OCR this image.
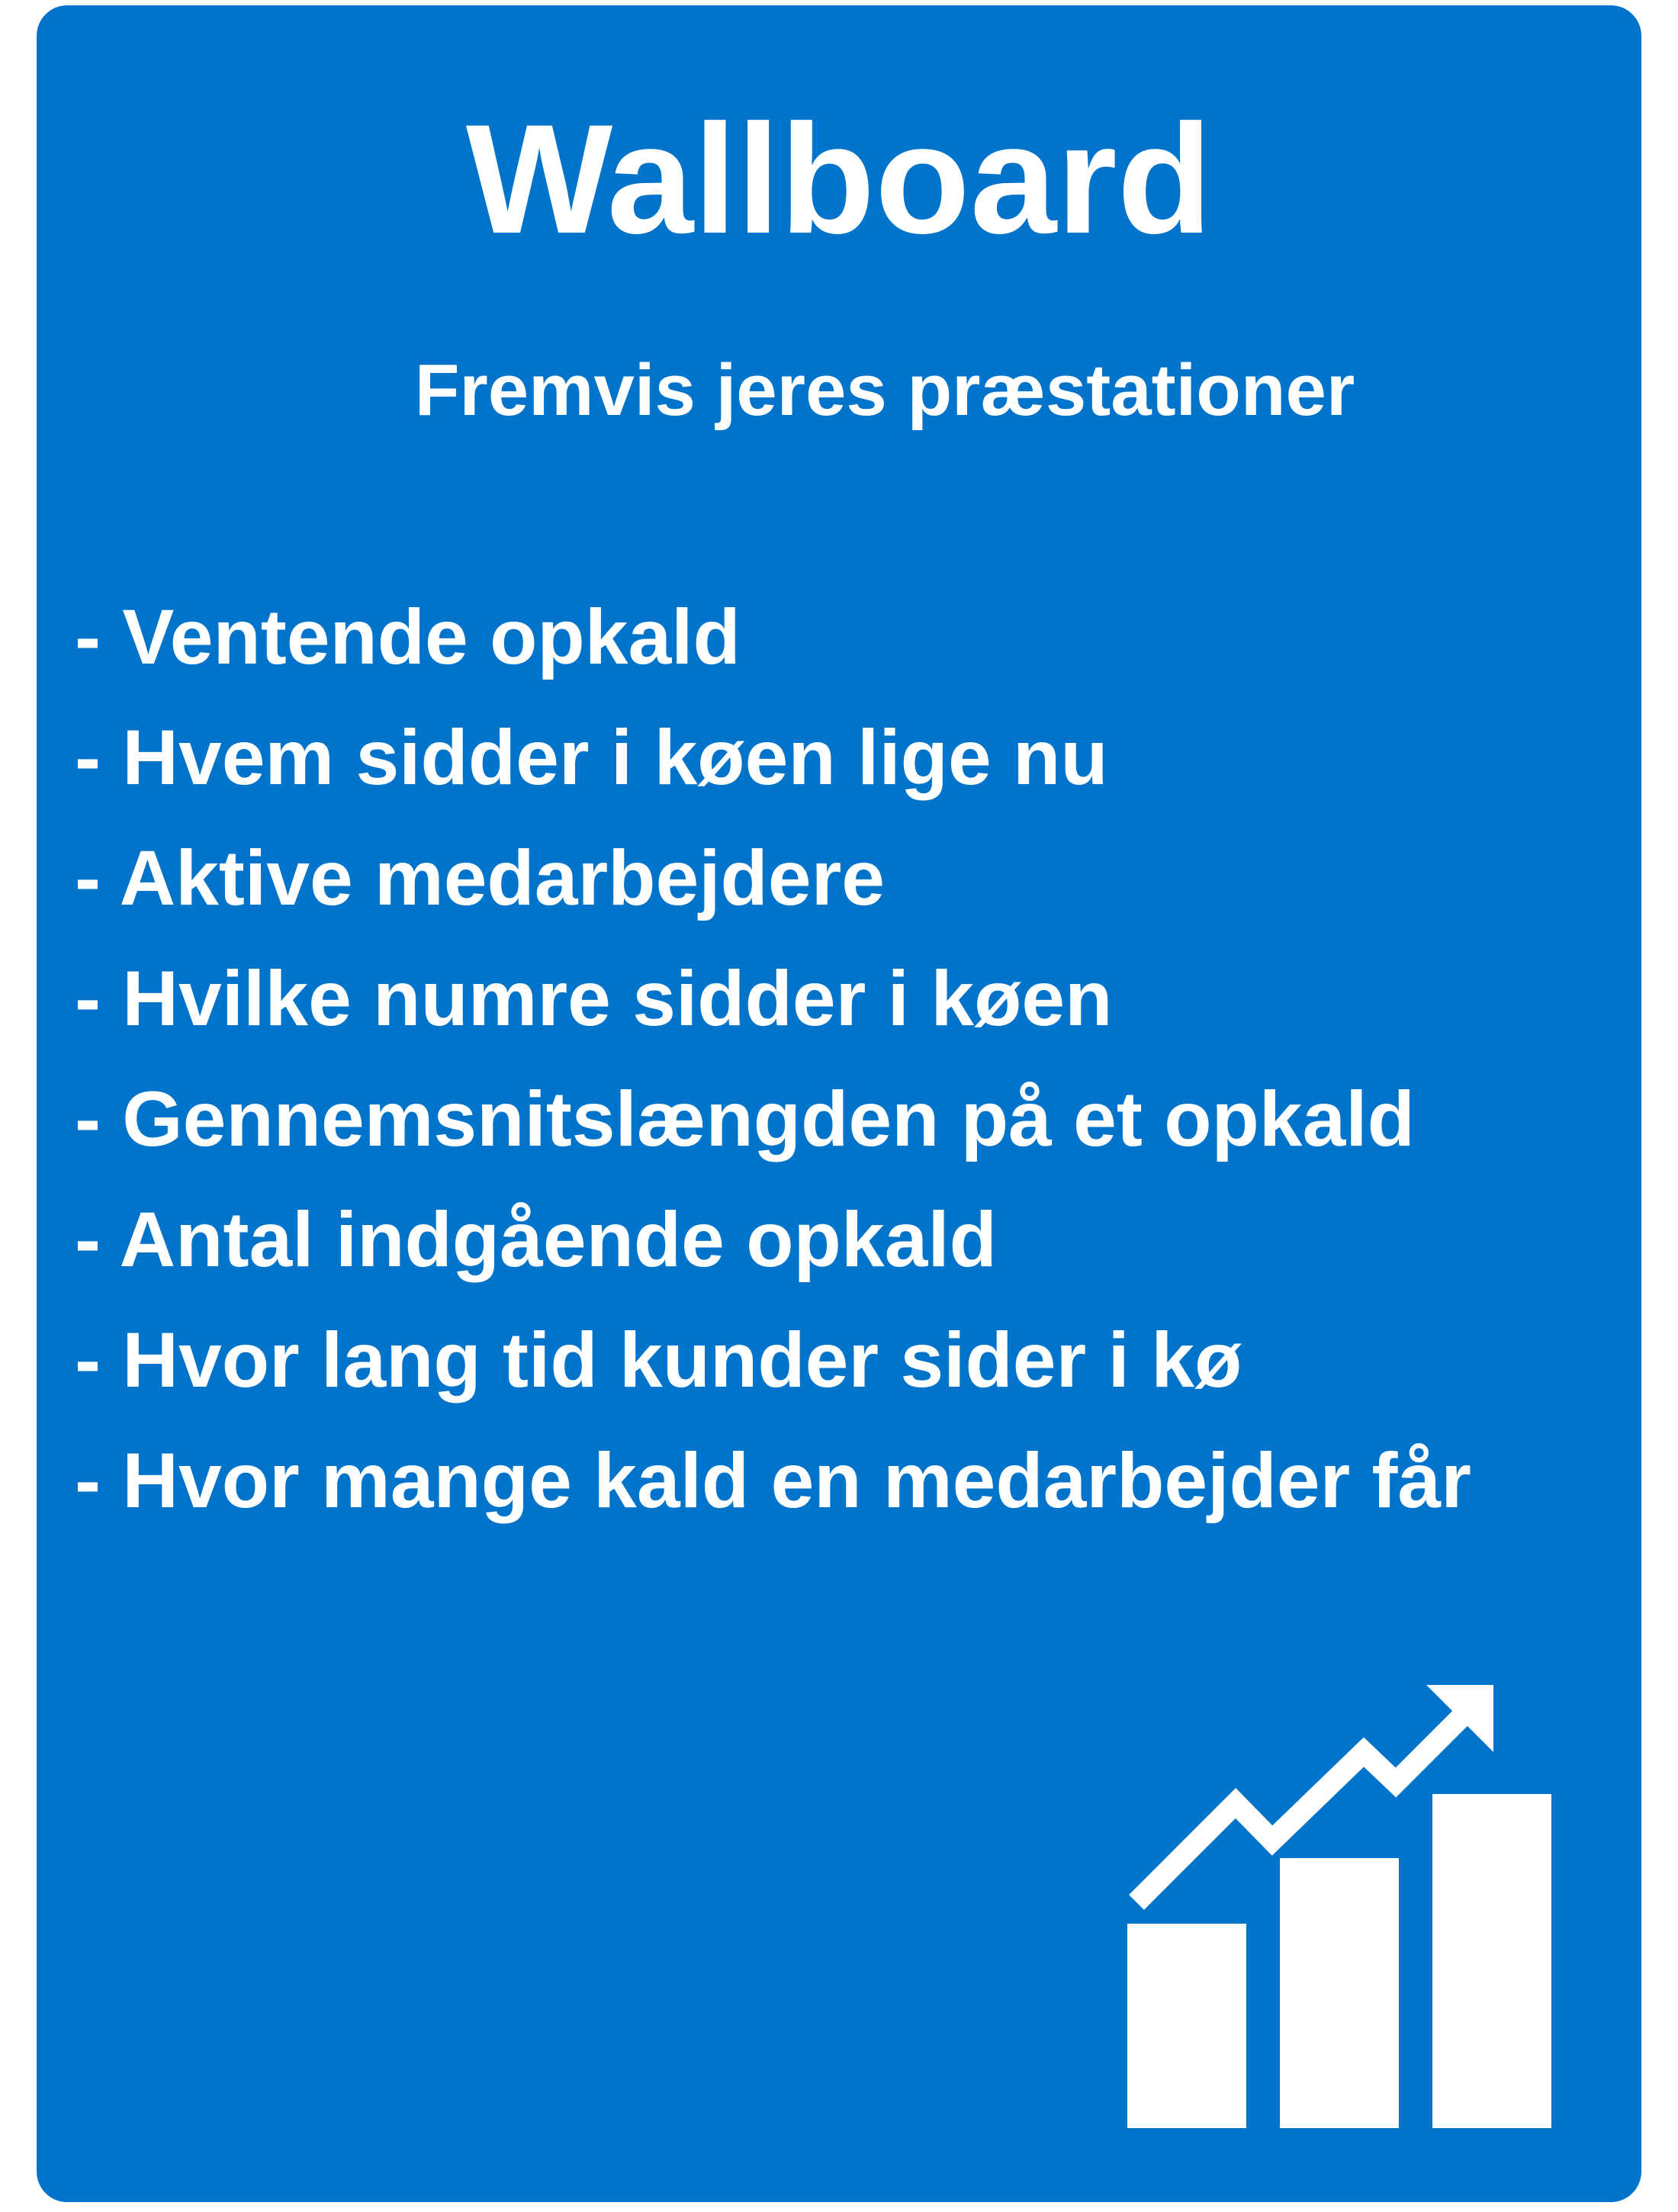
Wallboard
Fremvis jeres præstationer
- Ventende opkald
- Hvem sidder i køen lige nu
- Aktive medarbejdere
- Hvilke numre sidder i køen
- Gennemsnitslængden på et opkald
- Antal indgående opkald
- Hvor lang tid kunder sider i kø
- Hvor mange kald en medarbejder får
